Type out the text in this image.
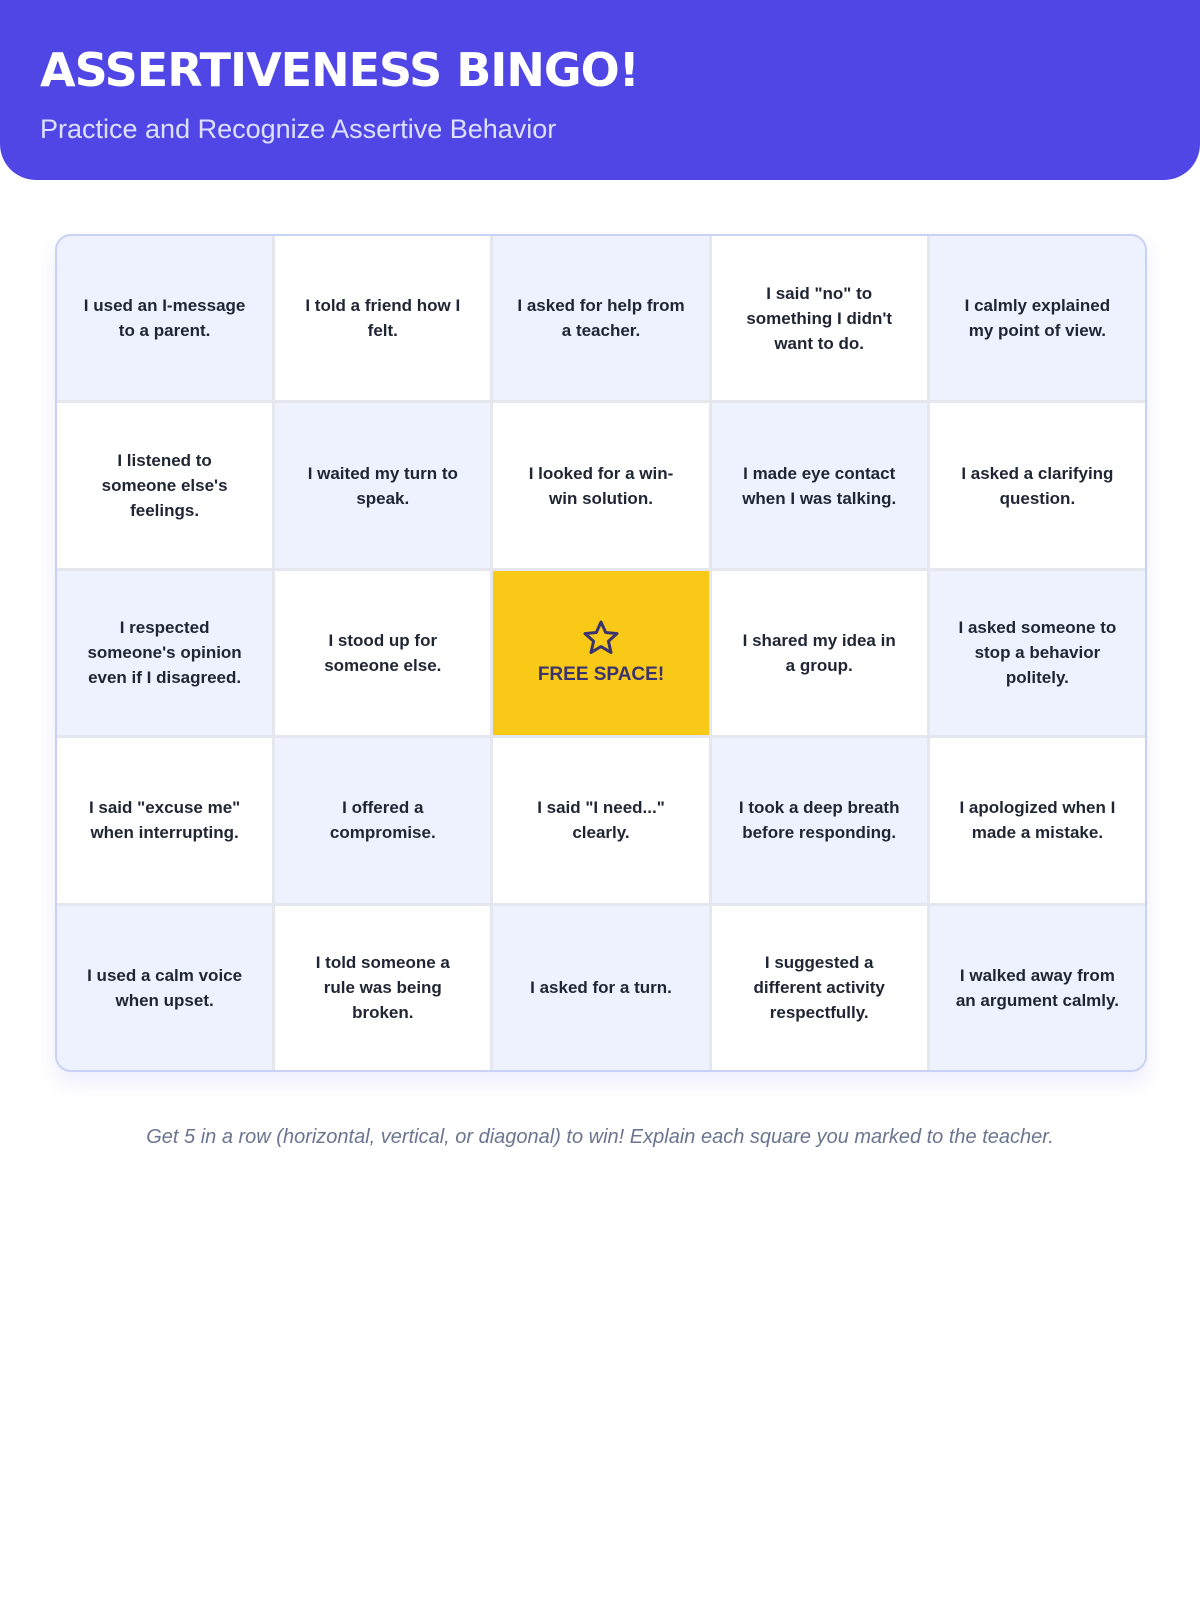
ASSERTIVENESS BINGO!
Practice and Recognize Assertive Behavior
I used an I-message to a parent.
I told a friend how I felt.
I asked for help from a teacher.
I said "no" to something I didn't want to do.
I calmly explained my point of view.
I listened to someone else's feelings.
I waited my turn to speak.
I looked for a win-win solution.
I made eye contact when I was talking.
I asked a clarifying question.
I respected someone's opinion even if I disagreed.
I stood up for someone else.	FREE SPACE!
I shared my idea in a group.
I asked someone to stop a behavior politely.
I said "excuse me" when interrupting.
I offered a compromise.
I said "I need..." clearly.
I took a deep breath before responding.
I apologized when I made a mistake.
I used a calm voice when upset.
I told someone a rule was being broken.
I asked for a turn.
I suggested a different activity respectfully.
I walked away from an argument calmly.

Get 5 in a row (horizontal, vertical, or diagonal) to win! Explain each square you marked to the teacher.
